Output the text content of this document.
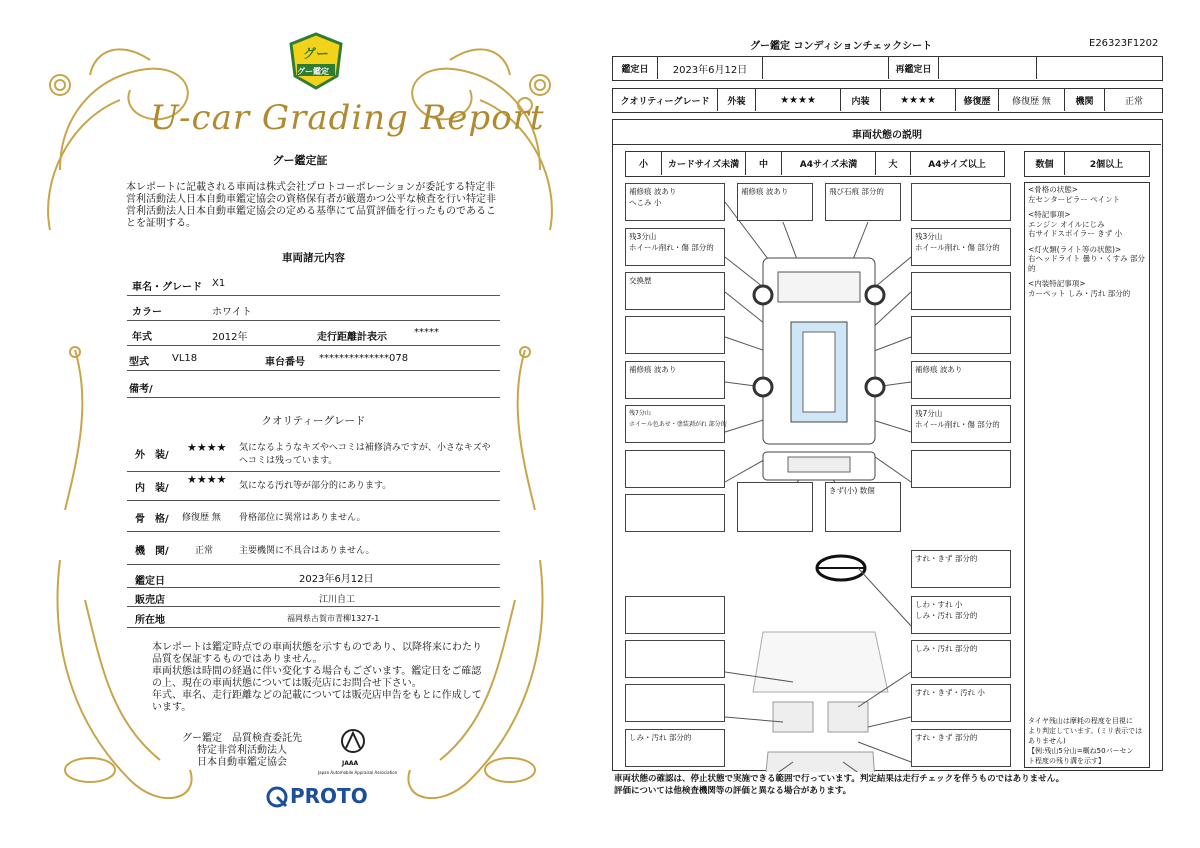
グー
グー鑑定
U-car Grading Report
グー鑑定証
本レポートに記載される車両は株式会社プロトコーポレーションが委託する特定非営利活動法人日本自動車鑑定協会の資格保有者が厳選かつ公平な検査を行い特定非営利活動法人日本自動車鑑定協会の定める基準にて品質評価を行ったものであることを証明する。
車両諸元内容
車名・グレード X1
カラー	ホワイト
年式	2012年	走行距離計表示	*****
型式 VL18	車台番号 **************078
備考/
クオリティーグレード
外　装/
★★★★ 気になるようなキズやヘコミは補修済みですが、小さなキズや
ヘコミは残っています。
内　装/
★★★★ 気になる汚れ等が部分的にあります。
骨　格/ 修復歴 無 骨格部位に異常はありません。
機　関/	正常	主要機関に不具合はありません。
鑑定日	2023年6月12日
販売店	江川自工
所在地	福岡県古賀市青柳1327-1
本レポートは鑑定時点での車両状態を示すものであり、以降将来にわたり品質を保証するものではありません。
車両状態は時間の経過に伴い変化する場合もございます。鑑定日をご確認の上、現在の車両状態については販売店にお問合せ下さい。
年式、車名、走行距離などの記載については販売店申告をもとに作成しています。
グー鑑定　品質検査委託先
特定非営利活動法人
日本自動車鑑定協会	JAAA
Japan Automobile Appraisal Association
PROTO
グー鑑定 コンディションチェックシート	E26323F1202
鑑定日	2023年6月12日	再鑑定日
クオリティーグレード	外装	★★★★	内装	★★★★	修復歴	修復歴 無	機関	正常
車両状態の説明
小	カードサイズ未満	中	A4サイズ未満	大	A4サイズ以上	数個	2個以上
<骨格の状態>
左センターピラー ペイント
<特記事項>
エンジン オイルにじみ
右サイドスポイラー きず 小
<灯火類(ライト等の状態)>
右ヘッドライト 曇り・くすみ 部分的
<内装特記事項>
カーペット しみ・汚れ 部分的
タイヤ残山は摩耗の程度を目視に
より判定しています。(ミリ表示では
ありません)
【例:残山5分山=概ね50パーセン
ト程度の残り溝を示す】
補修痕 波あり
へこみ 小
補修痕 波あり	飛び石痕 部分的
残3分山
ホイール削れ・傷 部分的
残3分山
ホイール削れ・傷 部分的
交換歴
補修痕 波あり	補修痕 波あり
残7分山
ホイール色あせ・塗装剥がれ 部分的
残7分山
ホイール削れ・傷 部分的
きず(小) 数個
すれ・きず 部分的
しわ・すれ 小
しみ・汚れ 部分的
しみ・汚れ 部分的
すれ・きず・汚れ 小
しみ・汚れ 部分的	すれ・きず 部分的
車両状態の確認は、停止状態で実施できる範囲で行っています。判定結果は走行チェックを伴うものではありません。
評価については他検査機関等の評価と異なる場合があります。
